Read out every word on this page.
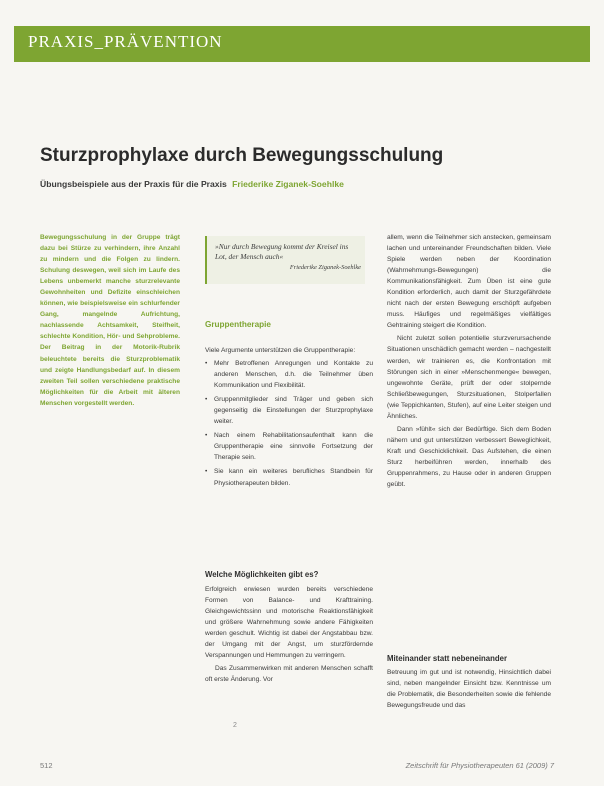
PRAXIS_PRÄVENTION
Sturzprophylaxe durch Bewegungsschulung
Übungsbeispiele aus der Praxis für die Praxis Friederike Ziganek-Soehlke

Bewegungsschulung in der Gruppe trägt dazu bei Stürze zu verhindern, ihre Anzahl zu mindern und die Folgen zu lindern. Schulung deswegen, weil sich im Laufe des Lebens unbemerkt manche sturzrelevante Gewohnheiten und Defizite einschleichen können, wie beispielsweise ein schlurfender Gang, mangelnde Aufrichtung, nachlassende Achtsamkeit, Steifheit, schlechte Kondition, Hör- und Sehprobleme. Der Beitrag in der Motorik-Rubrik beleuchtete bereits die Sturzproblematik und zeigte Handlungsbedarf auf. In diesem zweiten Teil sollen verschiedene praktische Möglichkeiten für die Arbeit mit älteren Menschen vorgestellt werden.

»Nur durch Bewegung kommt der Kreisel ins Lot, der Mensch auch«
Friederike Ziganek-Soehlke
Gruppentherapie

Viele Argumente unterstützen die Gruppentherapie:

• Mehr Betroffenen Anregungen und Kontakte zu anderen Menschen, d.h. die Teilnehmer üben Kommunikation und Flexibilität.
• Gruppenmitglieder sind Träger und geben sich gegenseitig die Einstellungen der Sturzprophylaxe weiter.
• Nach einem Rehabilitationsaufenthalt kann die Gruppentherapie eine sinnvolle Fortsetzung der Therapie sein.
• Sie kann ein weiteres berufliches Standbein für Physiotherapeuten bilden.
Welche Möglichkeiten gibt es?

Erfolgreich erwiesen wurden bereits verschiedene Formen von Balance- und Krafttraining. Gleichgewichtssinn und motorische Reaktionsfähigkeit und größere Wahrnehmung sowie andere Fähigkeiten werden geschult. Wichtig ist dabei der Angstabbau bzw. der Umgang mit der Angst, um sturzfördernde Verspannungen und Hemmungen zu verringern.

Das Zusammenwirken mit anderen Menschen schafft oft erste Änderung. Vor

allem, wenn die Teilnehmer sich anstecken, gemeinsam lachen und untereinander Freundschaften bilden. Viele Spiele werden neben der Koordination (Wahrnehmungs-Bewegungen) die Kommunikationsfähigkeit. Zum Üben ist eine gute Kondition erforderlich, auch damit der Sturzgefährdete nicht nach der ersten Bewegung erschöpft aufgeben muss. Häufiges und regelmäßiges vielfältiges Gehtraining steigert die Kondition.

Nicht zuletzt sollen potentielle sturzverursachende Situationen unschädlich gemacht werden – nachgestellt werden, wir trainieren es, die Konfrontation mit Störungen sich in einer »Menschenmenge« bewegen, ungewohnte Geräte, prüft der oder stolpernde Schließbewegungen, Sturzsituationen, Stolperfallen (wie Teppichkanten, Stufen), auf eine Leiter steigen und Ähnliches.

Dann »fühlt« sich der Bedürftige. Sich dem Boden nähern und gut unterstützen verbessert Beweglichkeit, Kraft und Geschicklichkeit. Das Aufstehen, die einen Sturz herbeiführen werden, innerhalb des Gruppenrahmens, zu Hause oder in anderen Gruppen geübt.

Miteinander statt nebeneinander

Betreuung im gut und ist notwendig, Hinsichtlich dabei sind, neben mangelnder Einsicht bzw. Kenntnisse um die Problematik, die Besonderheiten sowie die fehlende Bewegungsfreude und das

2
512	Zeitschrift für Physiotherapeuten 61 (2009) 7
